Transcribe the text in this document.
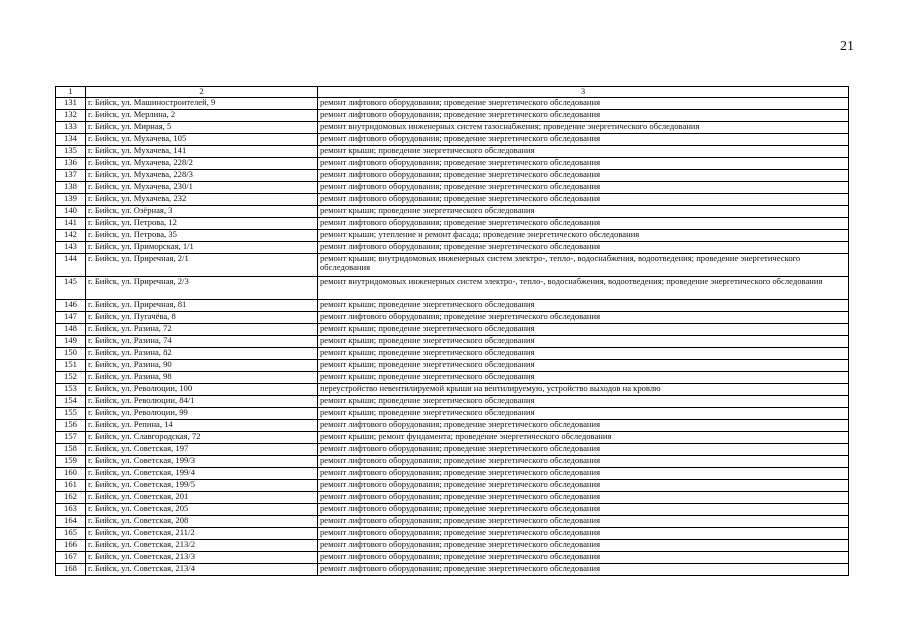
21
1	2	3
131	г. Бийск, ул. Машиностроителей, 9	ремонт лифтового оборудования; проведение энергетического обследования
132	г. Бийск, ул. Мерлина, 2	ремонт лифтового оборудования; проведение энергетического обследования
133	г. Бийск, ул. Мирная, 5	ремонт внутридомовых инженерных систем газоснабжения; проведение энергетического обследования
134	г. Бийск, ул. Мухачева, 105	ремонт лифтового оборудования; проведение энергетического обследования
135	г. Бийск, ул. Мухачева, 141	ремонт крыши; проведение энергетического обследования
136	г. Бийск, ул. Мухачева, 228/2	ремонт лифтового оборудования; проведение энергетического обследования
137	г. Бийск, ул. Мухачева, 228/3	ремонт лифтового оборудования; проведение энергетического обследования
138	г. Бийск, ул. Мухачева, 230/1	ремонт лифтового оборудования; проведение энергетического обследования
139	г. Бийск, ул. Мухачева, 232	ремонт лифтового оборудования; проведение энергетического обследования
140	г. Бийск, ул. Озёрная, 3	ремонт крыши; проведение энергетического обследования
141	г. Бийск, ул. Петрова, 12	ремонт лифтового оборудования; проведение энергетического обследования
142	г. Бийск, ул. Петрова, 35	ремонт крыши; утепление и ремонт фасада; проведение энергетического обследования
143	г. Бийск, ул. Приморская, 1/1	ремонт лифтового оборудования; проведение энергетического обследования
144	г. Бийск, ул. Приречная, 2/1	ремонт крыши; внутридомовых инженерных систем электро-, тепло-, водоснабжения, водоотведения; проведение энергетического обследования
145	г. Бийск, ул. Приречная, 2/3	ремонт внутридомовых инженерных систем электро-, тепло-, водоснабжения, водоотведения; проведение энергетического обследования
146	г. Бийск, ул. Приречная, 81	ремонт крыши; проведение энергетического обследования
147	г. Бийск, ул. Пугачёва, 8	ремонт лифтового оборудования; проведение энергетического обследования
148	г. Бийск, ул. Разина, 72	ремонт крыши; проведение энергетического обследования
149	г. Бийск, ул. Разина, 74	ремонт крыши; проведение энергетического обследования
150	г. Бийск, ул. Разина, 82	ремонт крыши; проведение энергетического обследования
151	г. Бийск, ул. Разина, 90	ремонт крыши; проведение энергетического обследования
152	г. Бийск, ул. Разина, 98	ремонт крыши; проведение энергетического обследования
153	г. Бийск, ул. Революции, 100	переустройство невентилируемой крыши на вентилируемую, устройство выходов на кровлю
154	г. Бийск, ул. Революции, 84/1	ремонт крыши; проведение энергетического обследования
155	г. Бийск, ул. Революции, 99	ремонт крыши; проведение энергетического обследования
156	г. Бийск, ул. Репина, 14	ремонт лифтового оборудования; проведение энергетического обследования
157	г. Бийск, ул. Славгородская, 72	ремонт крыши; ремонт фундамента; проведение энергетического обследования
158	г. Бийск, ул. Советская, 197	ремонт лифтового оборудования; проведение энергетического обследования
159	г. Бийск, ул. Советская, 199/3	ремонт лифтового оборудования; проведение энергетического обследования
160	г. Бийск, ул. Советская, 199/4	ремонт лифтового оборудования; проведение энергетического обследования
161	г. Бийск, ул. Советская, 199/5	ремонт лифтового оборудования; проведение энергетического обследования
162	г. Бийск, ул. Советская, 201	ремонт лифтового оборудования; проведение энергетического обследования
163	г. Бийск, ул. Советская, 205	ремонт лифтового оборудования; проведение энергетического обследования
164	г. Бийск, ул. Советская, 208	ремонт лифтового оборудования; проведение энергетического обследования
165	г. Бийск, ул. Советская, 211/2	ремонт лифтового оборудования; проведение энергетического обследования
166	г. Бийск, ул. Советская, 213/2	ремонт лифтового оборудования; проведение энергетического обследования
167	г. Бийск, ул. Советская, 213/3	ремонт лифтового оборудования; проведение энергетического обследования
168	г. Бийск, ул. Советская, 213/4	ремонт лифтового оборудования; проведение энергетического обследования
